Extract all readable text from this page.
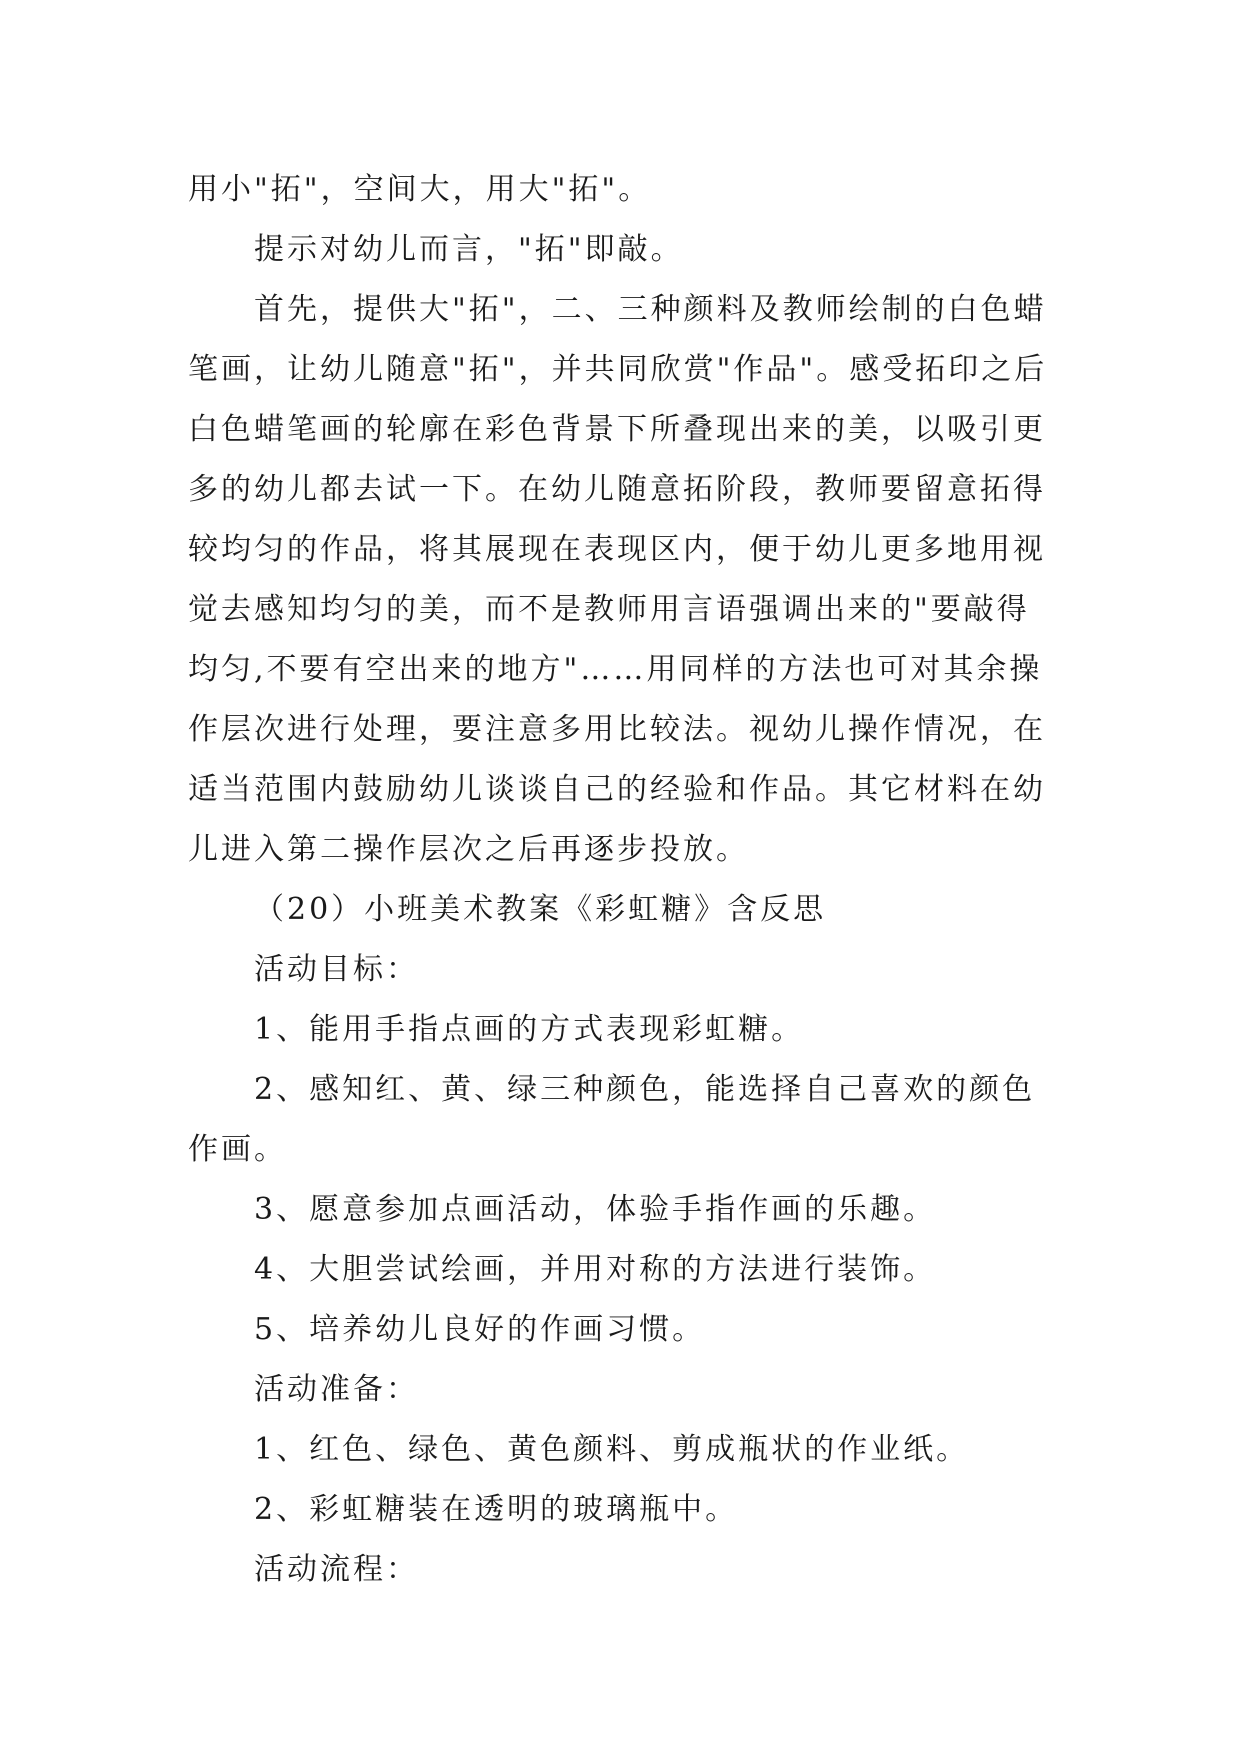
用小"拓"，空间大，用大"拓"。
提示对幼儿而言，"拓"即敲。
首先，提供大"拓"，二、三种颜料及教师绘制的白色蜡
笔画，让幼儿随意"拓"，并共同欣赏"作品"。感受拓印之后
白色蜡笔画的轮廓在彩色背景下所叠现出来的美，以吸引更
多的幼儿都去试一下。在幼儿随意拓阶段，教师要留意拓得
较均匀的作品，将其展现在表现区内，便于幼儿更多地用视
觉去感知均匀的美，而不是教师用言语强调出来的"要敲得
均匀,不要有空出来的地方"……用同样的方法也可对其余操
作层次进行处理，要注意多用比较法。视幼儿操作情况，在
适当范围内鼓励幼儿谈谈自己的经验和作品。其它材料在幼
儿进入第二操作层次之后再逐步投放。
（20）小班美术教案《彩虹糖》含反思
活动目标：
1、能用手指点画的方式表现彩虹糖。
2、感知红、黄、绿三种颜色，能选择自己喜欢的颜色
作画。
3、愿意参加点画活动，体验手指作画的乐趣。
4、大胆尝试绘画，并用对称的方法进行装饰。
5、培养幼儿良好的作画习惯。
活动准备：
1、红色、绿色、黄色颜料、剪成瓶状的作业纸。
2、彩虹糖装在透明的玻璃瓶中。
活动流程：
